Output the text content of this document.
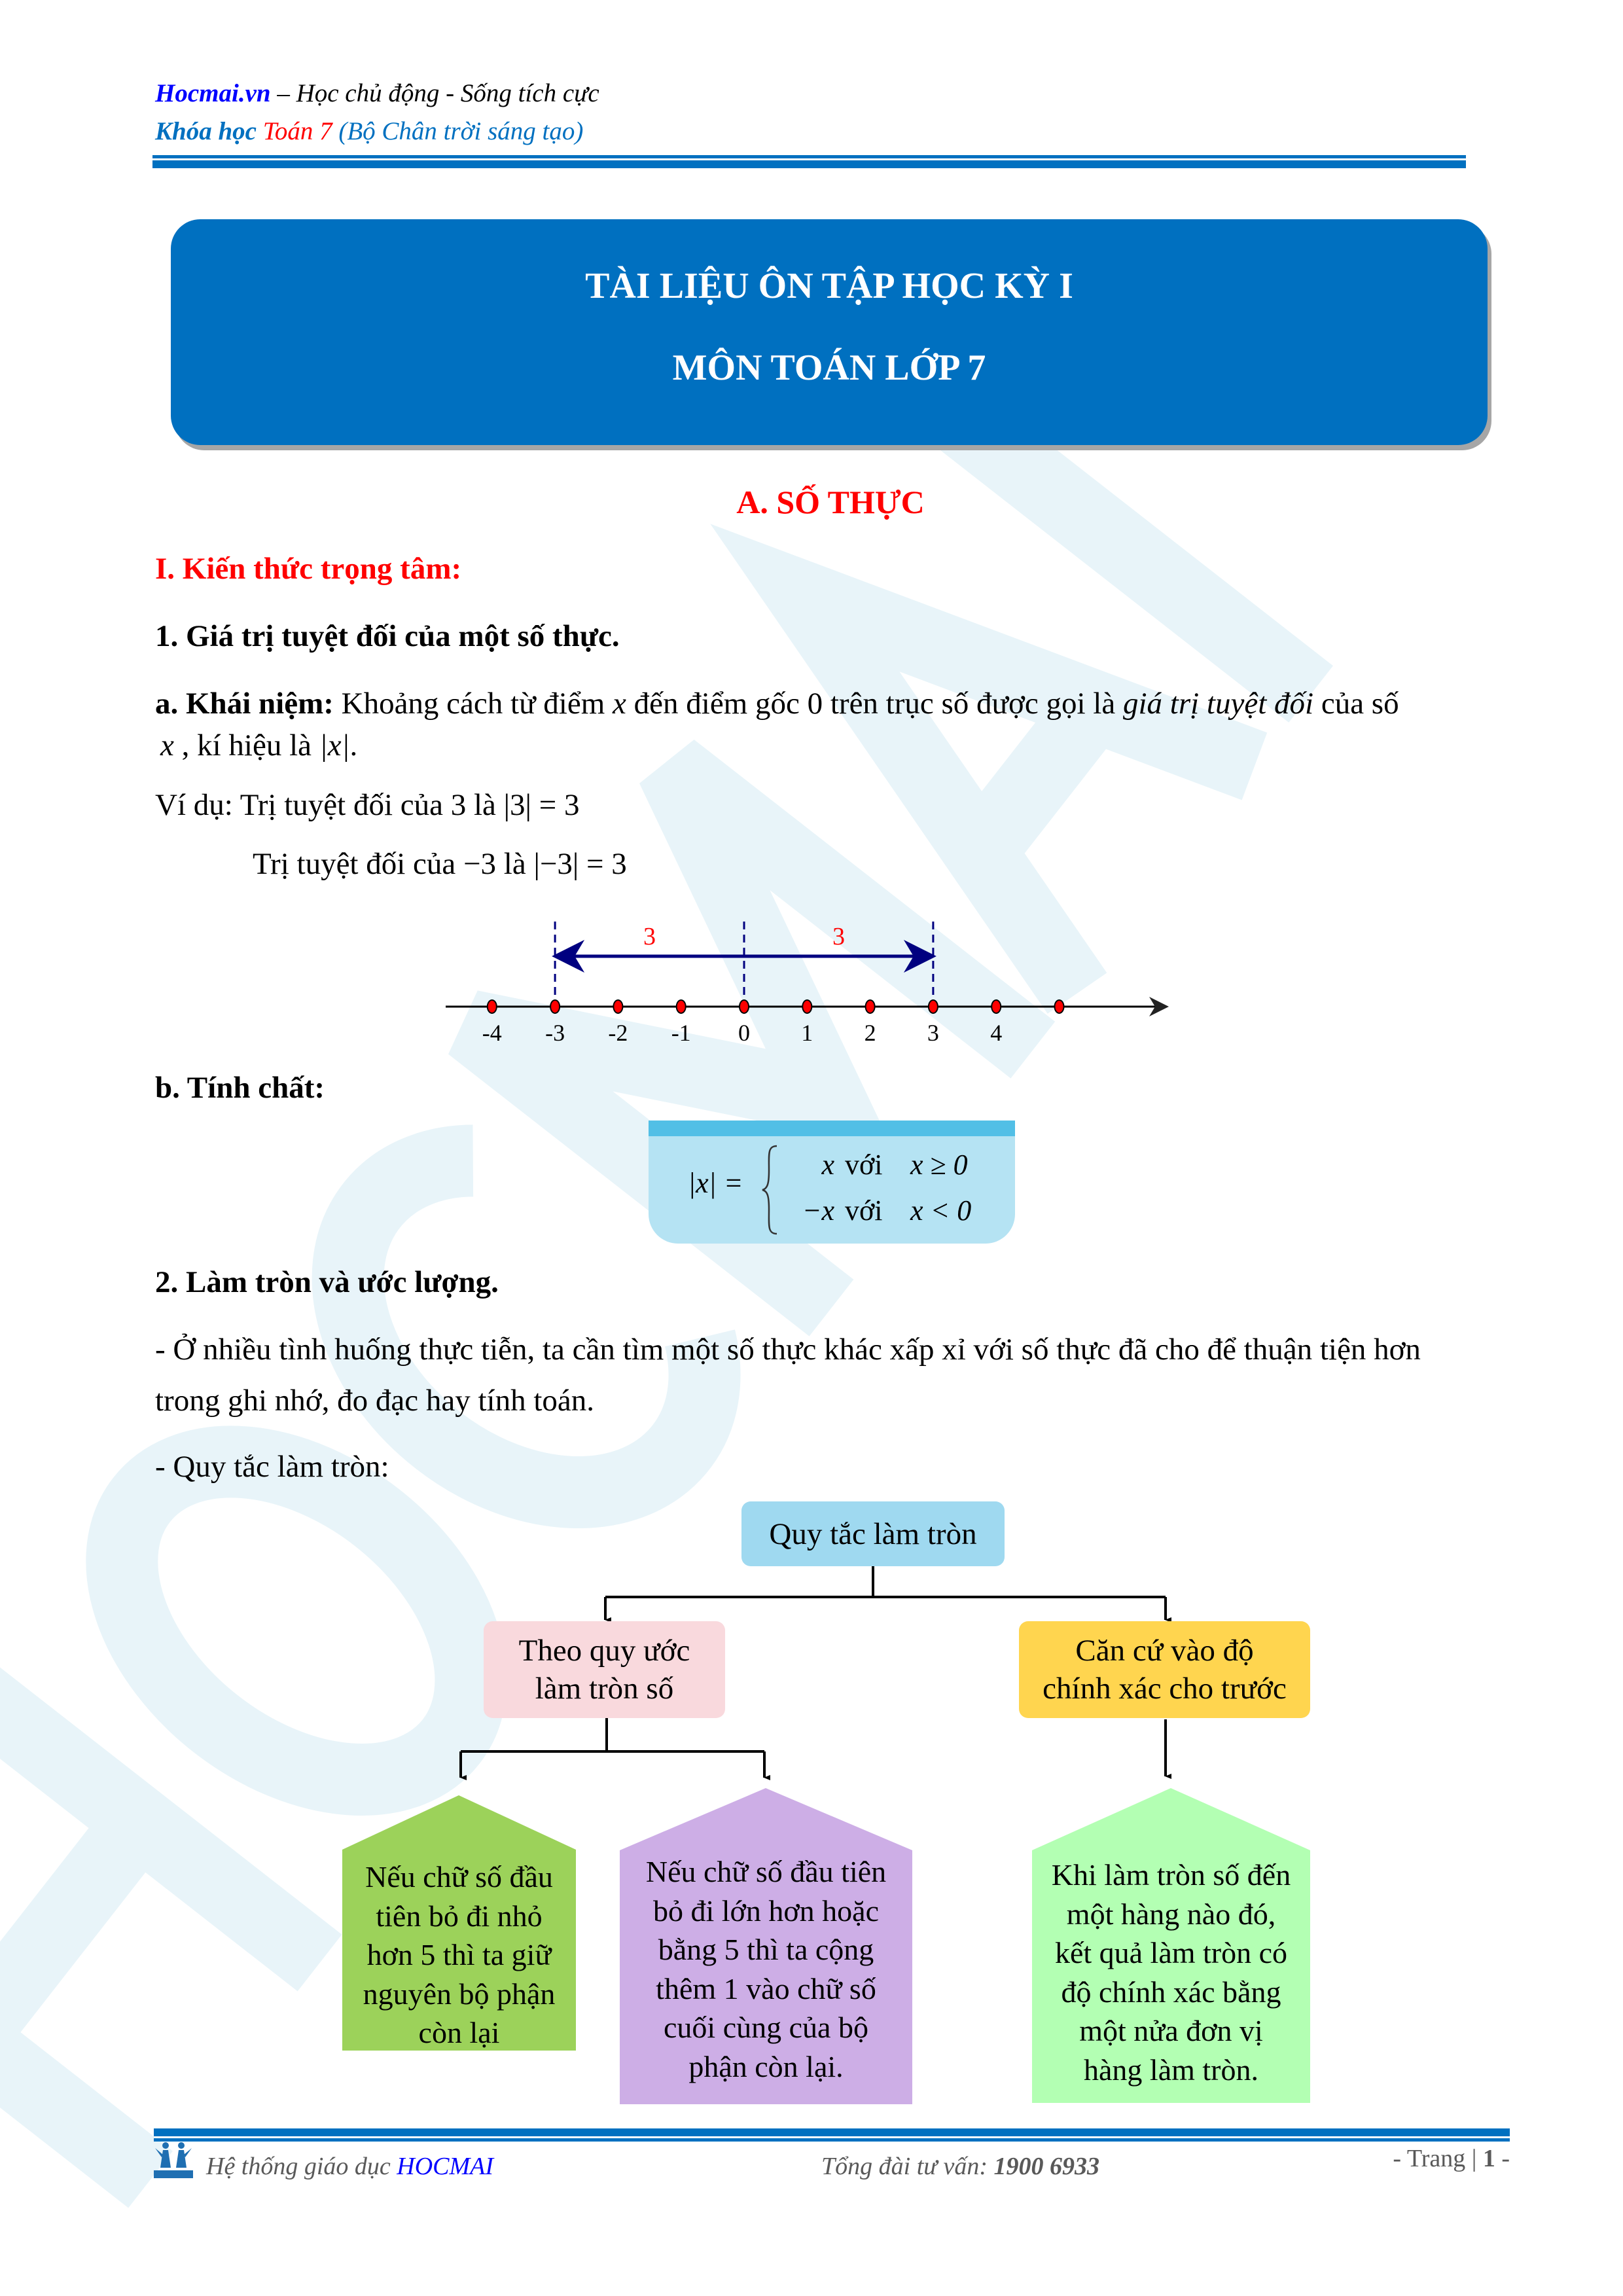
Hocmai.vn – Học chủ động - Sống tích cực
Khóa học Toán 7 (Bộ Chân trời sáng tạo)
TÀI LIỆU ÔN TẬP HỌC KỲ I
MÔN TOÁN LỚP 7
A. SỐ THỰC
I. Kiến thức trọng tâm:
1. Giá trị tuyệt đối của một số thực.
a. Khái niệm: Khoảng cách từ điểm x đến điểm gốc 0 trên trục số được gọi là giá trị tuyệt đối của số
x , kí hiệu là |x|.
Ví dụ: Trị tuyệt đối của 3 là |3| = 3
Trị tuyệt đối của −3 là |−3| = 3
-4 -3 -2 -1 0 1 2 3 4
3	3
b. Tính chất:
|x| =
x với x ≥ 0
−x với x < 0
2. Làm tròn và ước lượng.
- Ở nhiều tình huống thực tiễn, ta cần tìm một số thực khác xấp xỉ với số thực đã cho để thuận tiện hơn
trong ghi nhớ, đo đạc hay tính toán.
- Quy tắc làm tròn:
Quy tắc làm tròn
Theo quy ước
làm tròn số
Căn cứ vào độ
chính xác cho trước
Nếu chữ số đầu
tiên bỏ đi nhỏ
hơn 5 thì ta giữ
nguyên bộ phận
còn lại
Nếu chữ số đầu tiên
bỏ đi lớn hơn hoặc
bằng 5 thì ta cộng
thêm 1 vào chữ số
cuối cùng của bộ
phận còn lại.
Khi làm tròn số đến
một hàng nào đó,
kết quả làm tròn có
độ chính xác bằng
một nửa đơn vị
hàng làm tròn.
Hệ thống giáo dục HOCMAI	Tổng đài tư vấn: 1900 6933	- Trang | 1 -
